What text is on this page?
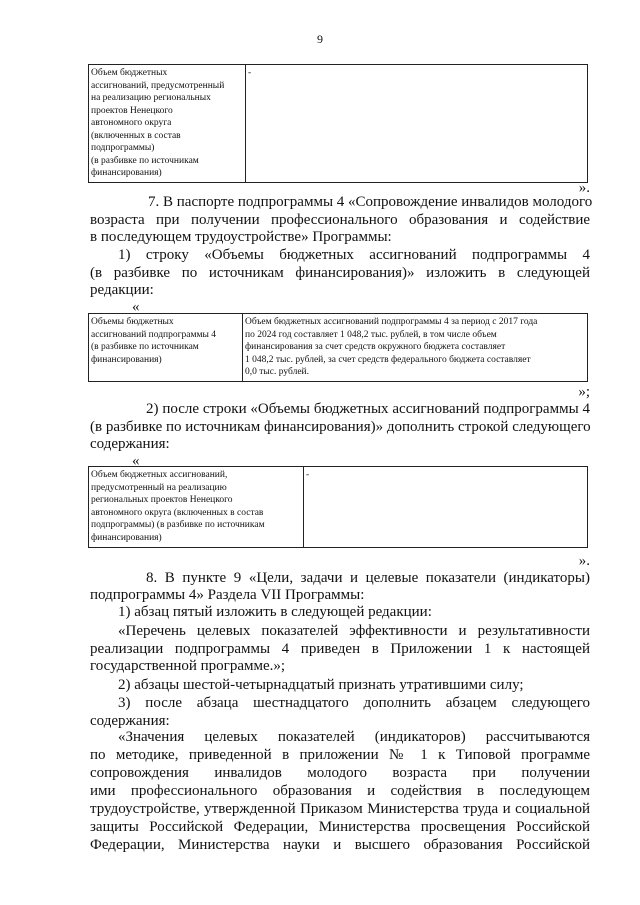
9
Объем бюджетных
ассигнований, предусмотренный
на реализацию региональных
проектов Ненецкого
автономного округа
(включенных в состав
подпрограммы)
(в разбивке по источникам
финансирования)	-
».
7. В паспорте подпрограммы 4 «Сопровождение инвалидов молодого
возраста при получении профессионального образования и содействие
в последующем трудоустройстве» Программы:
1) строку «Объемы бюджетных ассигнований подпрограммы 4
(в разбивке по источникам финансирования)» изложить в следующей
редакции:
«
Объемы бюджетных
ассигнований подпрограммы 4
(в разбивке по источникам
финансирования)	Объем бюджетных ассигнований подпрограммы 4 за период с 2017 года
по 2024 год составляет 1 048,2 тыс. рублей, в том числе объем
финансирования за счет средств окружного бюджета составляет
1 048,2 тыс. рублей, за счет средств федерального бюджета составляет
0,0 тыс. рублей.
»;
2) после строки «Объемы бюджетных ассигнований подпрограммы 4
(в разбивке по источникам финансирования)» дополнить строкой следующего
содержания:
«
Объем бюджетных ассигнований,
предусмотренный на реализацию
региональных проектов Ненецкого
автономного округа (включенных в состав
подпрограммы) (в разбивке по источникам
финансирования)	-
».
8. В пункте 9 «Цели, задачи и целевые показатели (индикаторы)
подпрограммы 4» Раздела VII Программы:
1) абзац пятый изложить в следующей редакции:
«Перечень целевых показателей эффективности и результативности
реализации подпрограммы 4 приведен в Приложении 1 к настоящей
государственной программе.»;
2) абзацы шестой-четырнадцатый признать утратившими силу;
3) после абзаца шестнадцатого дополнить абзацем следующего
содержания:
«Значения целевых показателей (индикаторов) рассчитываются
по методике, приведенной в приложении № 1 к Типовой программе
сопровождения инвалидов молодого возраста при получении
ими профессионального образования и содействия в последующем
трудоустройстве, утвержденной Приказом Министерства труда и социальной
защиты Российской Федерации, Министерства просвещения Российской
Федерации, Министерства науки и высшего образования Российской
